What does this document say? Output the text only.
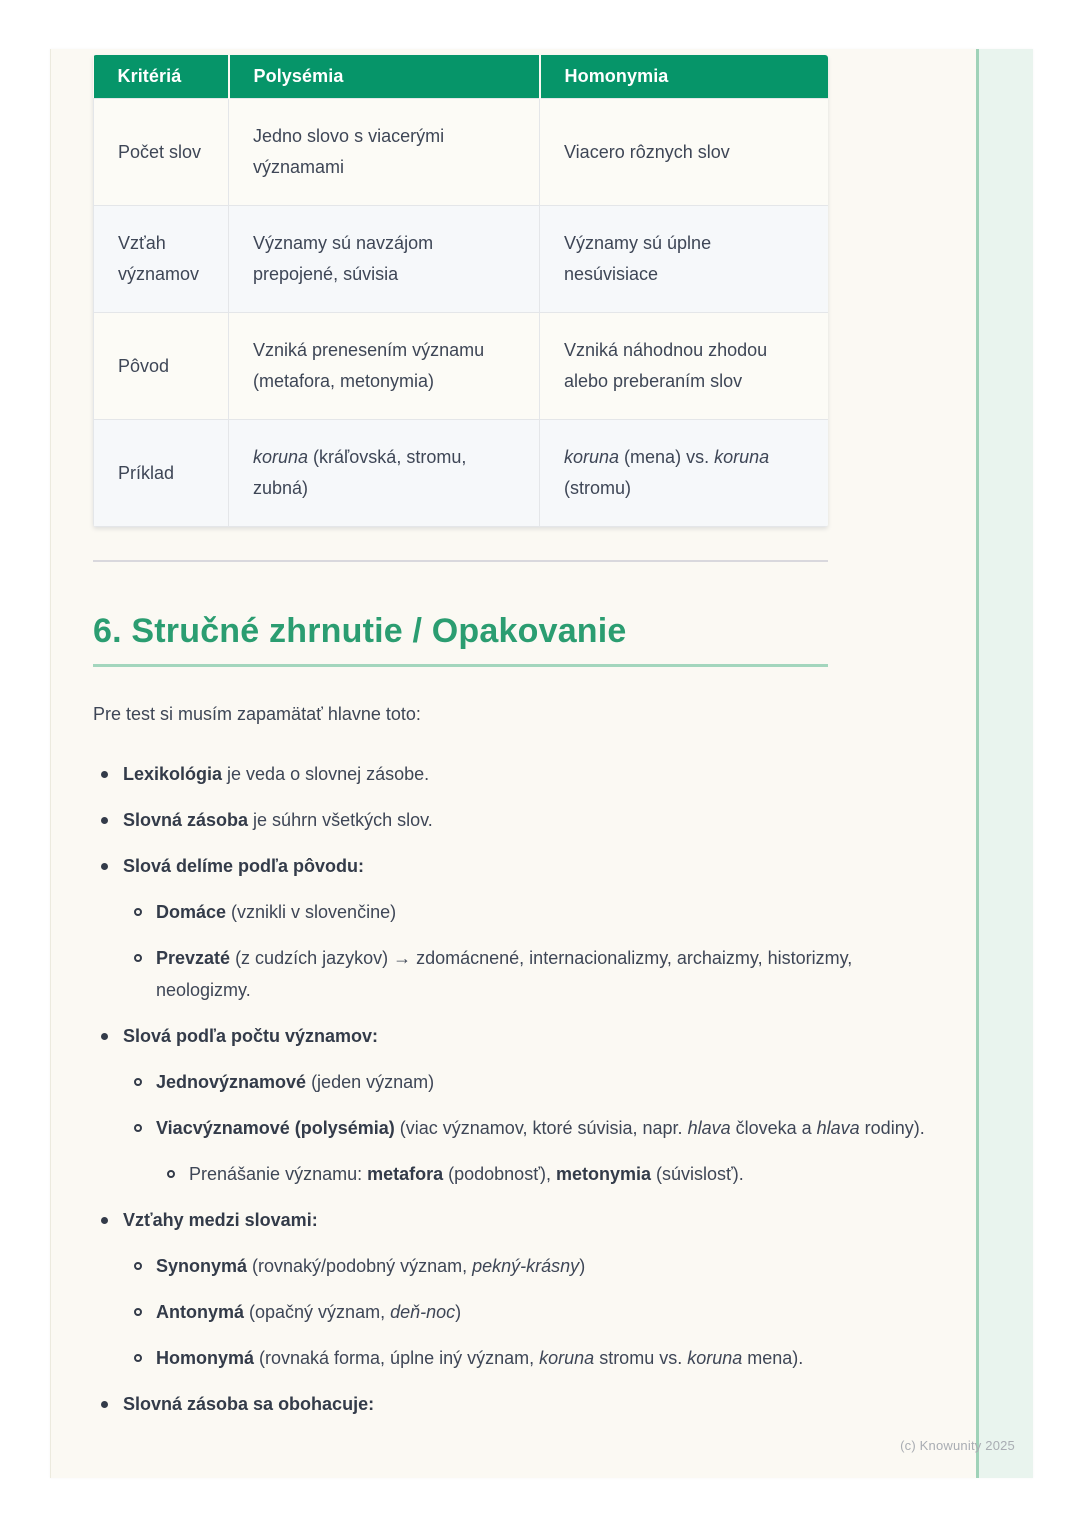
Kritériá	Polysémia	Homonymia
Počet slov	Jedno slovo s viacerými významami	Viacero rôznych slov
Vzťah významov	Významy sú navzájom prepojené, súvisia	Významy sú úplne nesúvisiace
Pôvod	Vzniká prenesením významu (metafora, metonymia)	Vzniká náhodnou zhodou alebo preberaním slov
Príklad	koruna (kráľovská, stromu, zubná)	koruna (mena) vs. koruna (stromu)
6. Stručné zhrnutie / Opakovanie

Pre test si musím zapamätať hlavne toto:

Lexikológia je veda o slovnej zásobe.
Slovná zásoba je súhrn všetkých slov.
Slová delíme podľa pôvodu:
Domáce (vznikli v slovenčine)
Prevzaté (z cudzích jazykov) → zdomácnené, internacionalizmy, archaizmy, historizmy, neologizmy.
Slová podľa počtu významov:
Jednovýznamové (jeden význam)
Viacvýznamové (polysémia) (viac významov, ktoré súvisia, napr. hlava človeka a hlava rodiny).
Prenášanie významu: metafora (podobnosť), metonymia (súvislosť).
Vzťahy medzi slovami:
Synonymá (rovnaký/podobný význam, pekný-krásny)
Antonymá (opačný význam, deň-noc)
Homonymá (rovnaká forma, úplne iný význam, koruna stromu vs. koruna mena).
Slovná zásoba sa obohacuje:
(c) Knowunity 2025
